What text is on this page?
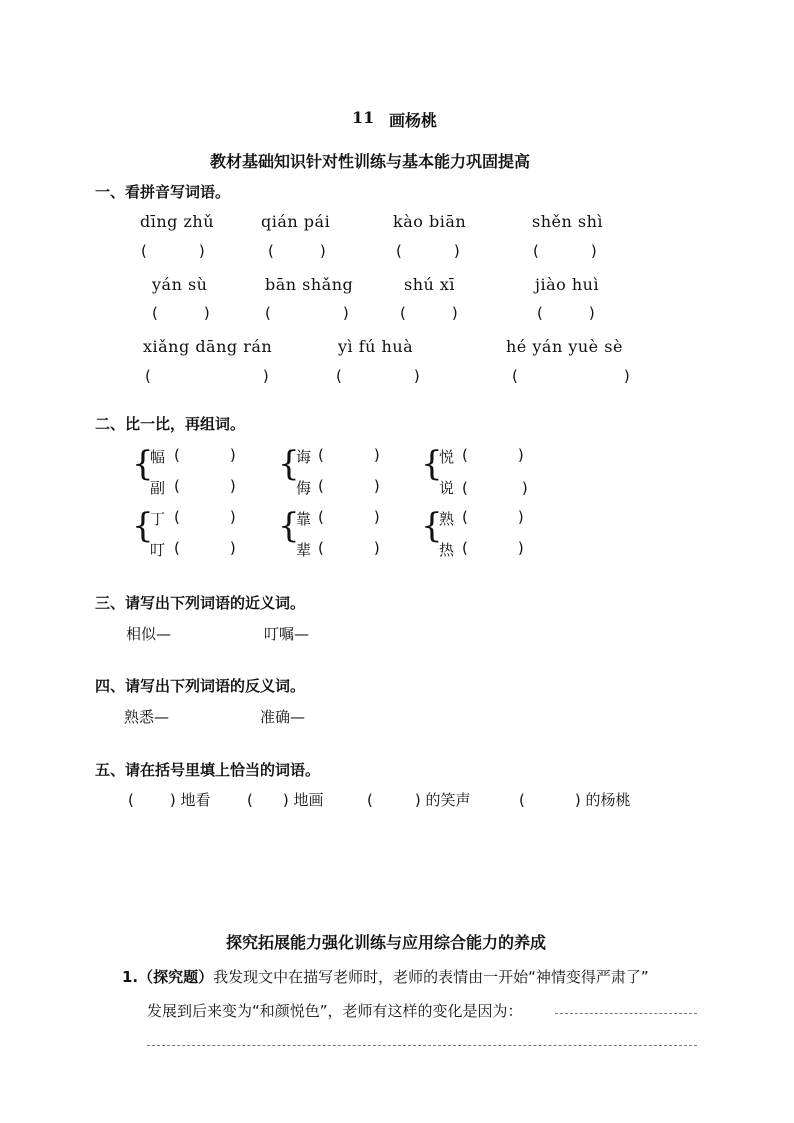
11 画杨桃
教材基础知识针对性训练与基本能力巩固提高
一、看拼音写词语。
dīng zhǔ	qián pái	kào biān	shěn shì
(	)	(	)	(	)	(	)
yán sù	bān shǎng	shú xī	jiào huì
(	)	(	)	(	)	(	)
xiǎng dāng rán	yì fú huà	hé yán yuè sè
(	)	(	)	(	)
二、比一比，再组词。
{
幅 (	)
副 (	)
{
诲 (	)
侮 (	)
{
悦 (	)
说 (	)
{
丁 (	)
叮 (	)
{
靠 (	)
辈 (	)
{
熟 (	)
热 (	)
三、请写出下列词语的近义词。
相似—	叮嘱—
四、请写出下列词语的反义词。
熟悉—	准确—
五、请在括号里填上恰当的词语。
( ) 地看 ( ) 地画	(	) 的笑声	(	) 的杨桃
探究拓展能力强化训练与应用综合能力的养成
1.（探究题）我发现文中在描写老师时，老师的表情由一开始“神情变得严肃了”
发展到后来变为“和颜悦色”，老师有这样的变化是因为：
